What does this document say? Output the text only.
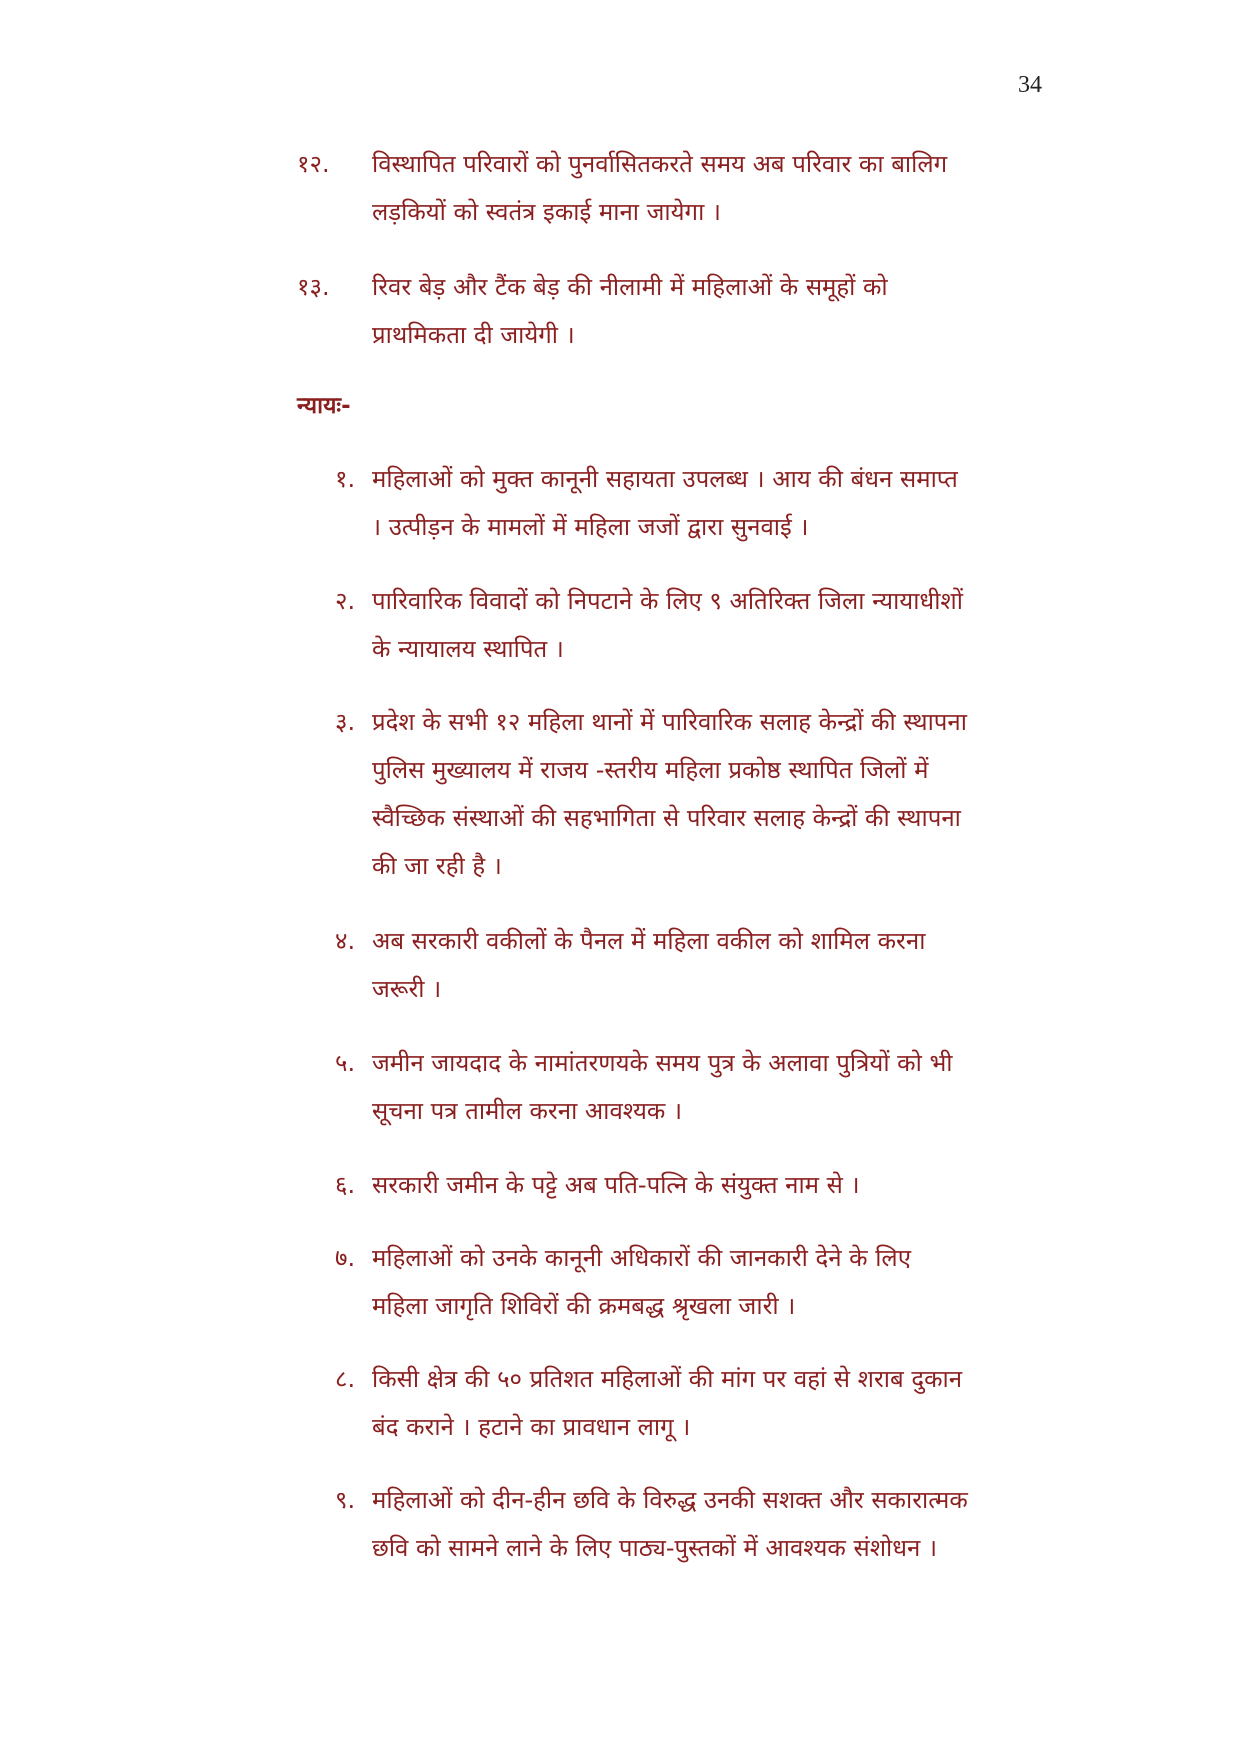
34
१२. विस्थापित परिवारों को पुनर्वासितकरते समय अब परिवार का बालिग
लड़कियों को स्वतंत्र इकाई माना जायेगा ।
१३. रिवर बेड़ और टैंक बेड़ की नीलामी में महिलाओं के समूहों को
प्राथमिकता दी जायेगी ।
न्यायः-
१. महिलाओं को मुक्त कानूनी सहायता उपलब्ध । आय की बंधन समाप्त
। उत्पीड़न के मामलों में महिला जजों द्वारा सुनवाई ।
२. पारिवारिक विवादों को निपटाने के लिए ९ अतिरिक्त जिला न्यायाधीशों
के न्यायालय स्थापित ।
३. प्रदेश के सभी १२ महिला थानों में पारिवारिक सलाह केन्द्रों की स्थापना
पुलिस मुख्यालय में राजय -स्तरीय महिला प्रकोष्ठ स्थापित जिलों में
स्वैच्छिक संस्थाओं की सहभागिता से परिवार सलाह केन्द्रों की स्थापना
की जा रही है ।
४. अब सरकारी वकीलों के पैनल में महिला वकील को शामिल करना
जरूरी ।
५. जमीन जायदाद के नामांतरणयके समय पुत्र के अलावा पुत्रियों को भी
सूचना पत्र तामील करना आवश्यक ।
६. सरकारी जमीन के पट्टे अब पति-पत्नि के संयुक्त नाम से ।
७. महिलाओं को उनके कानूनी अधिकारों की जानकारी देने के लिए
महिला जागृति शिविरों की क्रमबद्ध श्रृखला जारी ।
८. किसी क्षेत्र की ५० प्रतिशत महिलाओं की मांग पर वहां से शराब दुकान
बंद कराने । हटाने का प्रावधान लागू ।
९. महिलाओं को दीन-हीन छवि के विरुद्ध उनकी सशक्त और सकारात्मक
छवि को सामने लाने के लिए पाठ्य-पुस्तकों में आवश्यक संशोधन ।
